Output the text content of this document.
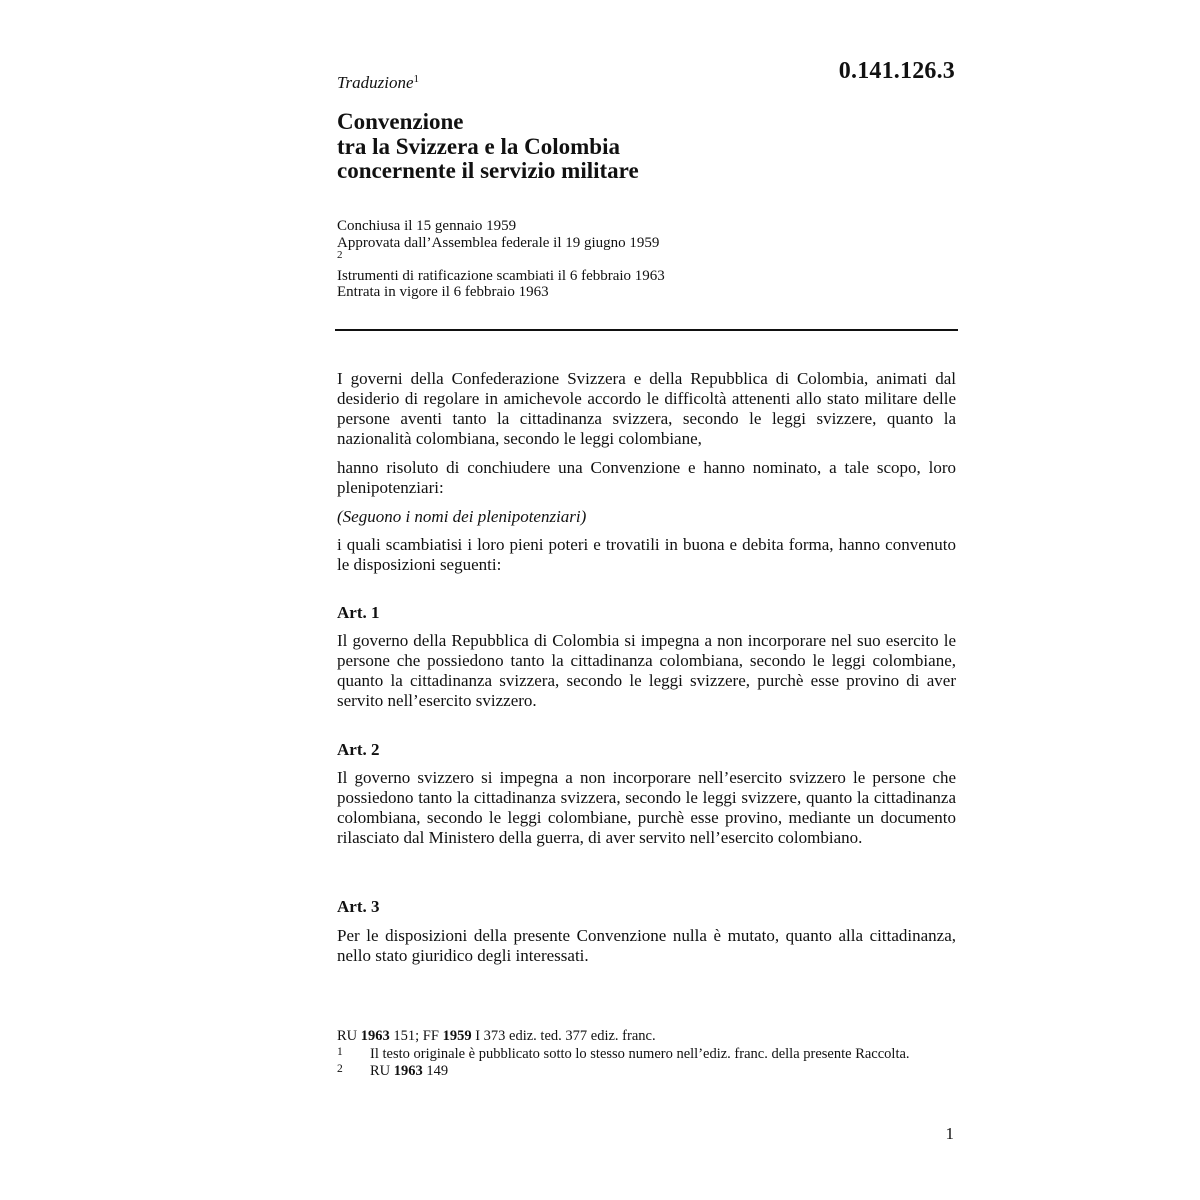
0.141.126.3
Traduzione$^1$
Convenzione
tra la Svizzera e la Colombia
concernente il servizio militare
Conchiusa il 15 gennaio 1959
Approvata dall’Assemblea federale il 19 giugno 1959
$^2$
Istrumenti di ratificazione scambiati il 6 febbraio 1963
Entrata in vigore il 6 febbraio 1963

I governi della Confederazione Svizzera e della Repubblica di Colombia, animati dal desiderio di regolare in amichevole accordo le difficoltà attenenti allo stato militare delle persone aventi tanto la cittadinanza svizzera, secondo le leggi svizzere, quanto la nazionalità colombiana, secondo le leggi colombiane,

hanno risoluto di conchiudere una Convenzione e hanno nominato, a tale scopo, loro plenipotenziari:

(Seguono i nomi dei plenipotenziari)

i quali scambiatisi i loro pieni poteri e trovatili in buona e debita forma, hanno convenuto le disposizioni seguenti:

Art. 1

Il governo della Repubblica di Colombia si impegna a non incorporare nel suo esercito le persone che possiedono tanto la cittadinanza colombiana, secondo le leggi colombiane, quanto la cittadinanza svizzera, secondo le leggi svizzere, purchè esse provino di aver servito nell’esercito svizzero.

Art. 2

Il governo svizzero si impegna a non incorporare nell’esercito svizzero le persone che possiedono tanto la cittadinanza svizzera, secondo le leggi svizzere, quanto la cittadinanza colombiana, secondo le leggi colombiane, purchè esse provino, mediante un documento rilasciato dal Ministero della guerra, di aver servito nell’esercito colombiano.

Art. 3

Per le disposizioni della presente Convenzione nulla è mutato, quanto alla cittadinanza, nello stato giuridico degli interessati.

RU 1963 151; FF 1959 I 373 ediz. ted. 377 ediz. franc.
1 Il testo originale è pubblicato sotto lo stesso numero nell’ediz. franc. della presente Raccolta.
2 RU 1963 149
1
